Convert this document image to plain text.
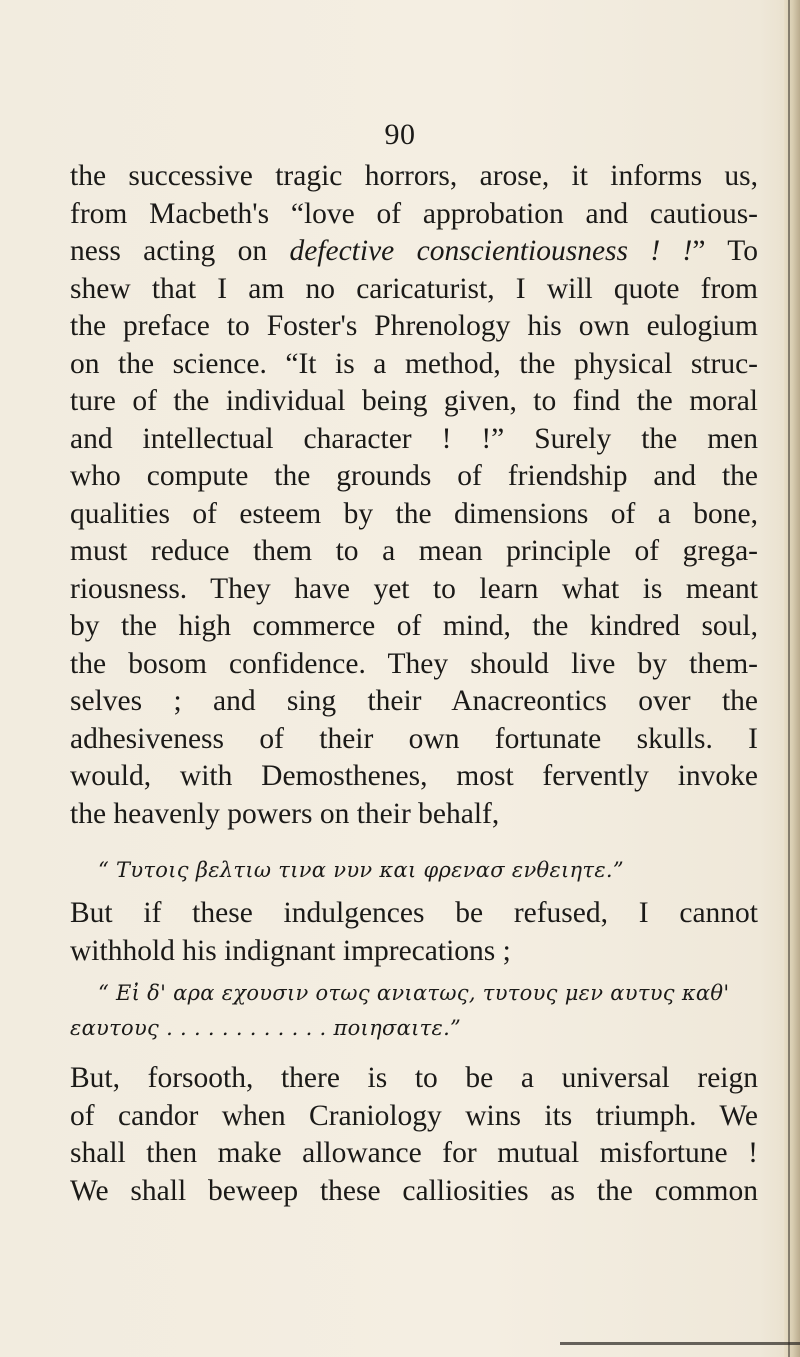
90
the successive tragic horrors, arose, it informs us,
from Macbeth's “love of approbation and cautious-
ness acting on defective conscientiousness ! !” To
shew that I am no caricaturist, I will quote from
the preface to Foster's Phrenology his own eulogium
on the science. “It is a method, the physical struc-
ture of the individual being given, to find the moral
and intellectual character ! !” Surely the men
who compute the grounds of friendship and the
qualities of esteem by the dimensions of a bone,
must reduce them to a mean principle of grega-
riousness. They have yet to learn what is meant
by the high commerce of mind, the kindred soul,
the bosom confidence. They should live by them-
selves ; and sing their Anacreontics over the
adhesiveness of their own fortunate skulls. I
would, with Demosthenes, most fervently invoke
the heavenly powers on their behalf,
“ Τυτοις βελτιω τινα νυν και φρενασ ενθειητε.”
But if these indulgences be refused, I cannot
withhold his indignant imprecations ;
“ Εἰ δ' αρα εχουσιν οτως ανιατως, τυτους μεν αυτυς καθ'
εαυτους . . . . . . . . . . . . ποιησαιτε.”
But, forsooth, there is to be a universal reign
of candor when Craniology wins its triumph. We
shall then make allowance for mutual misfortune !
We shall beweep these calliosities as the common
